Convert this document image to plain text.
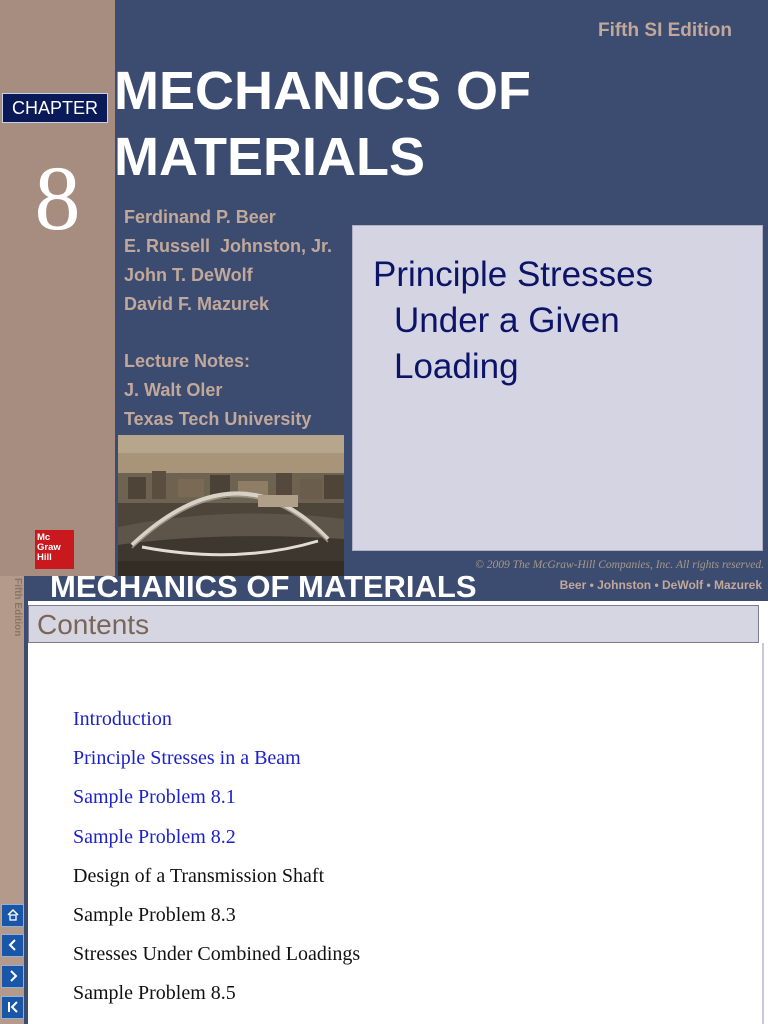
Fifth SI Edition
CHAPTER
8
MECHANICS OF
MATERIALS
Ferdinand P. Beer
E. Russell  Johnston, Jr.
John T. DeWolf
David F. Mazurek
Lecture Notes:
J. Walt Oler
Texas Tech University
Principle Stresses
Under a Given
Loading
Mc
Graw
Hill
© 2009 The McGraw-Hill Companies, Inc. All rights reserved.
Fifth Edition MECHANICS OF MATERIALS	Beer • Johnston • DeWolf • Mazurek
Contents
Introduction
Principle Stresses in a Beam
Sample Problem 8.1
Sample Problem 8.2
Design of a Transmission Shaft
Sample Problem 8.3
Stresses Under Combined Loadings
Sample Problem 8.5
